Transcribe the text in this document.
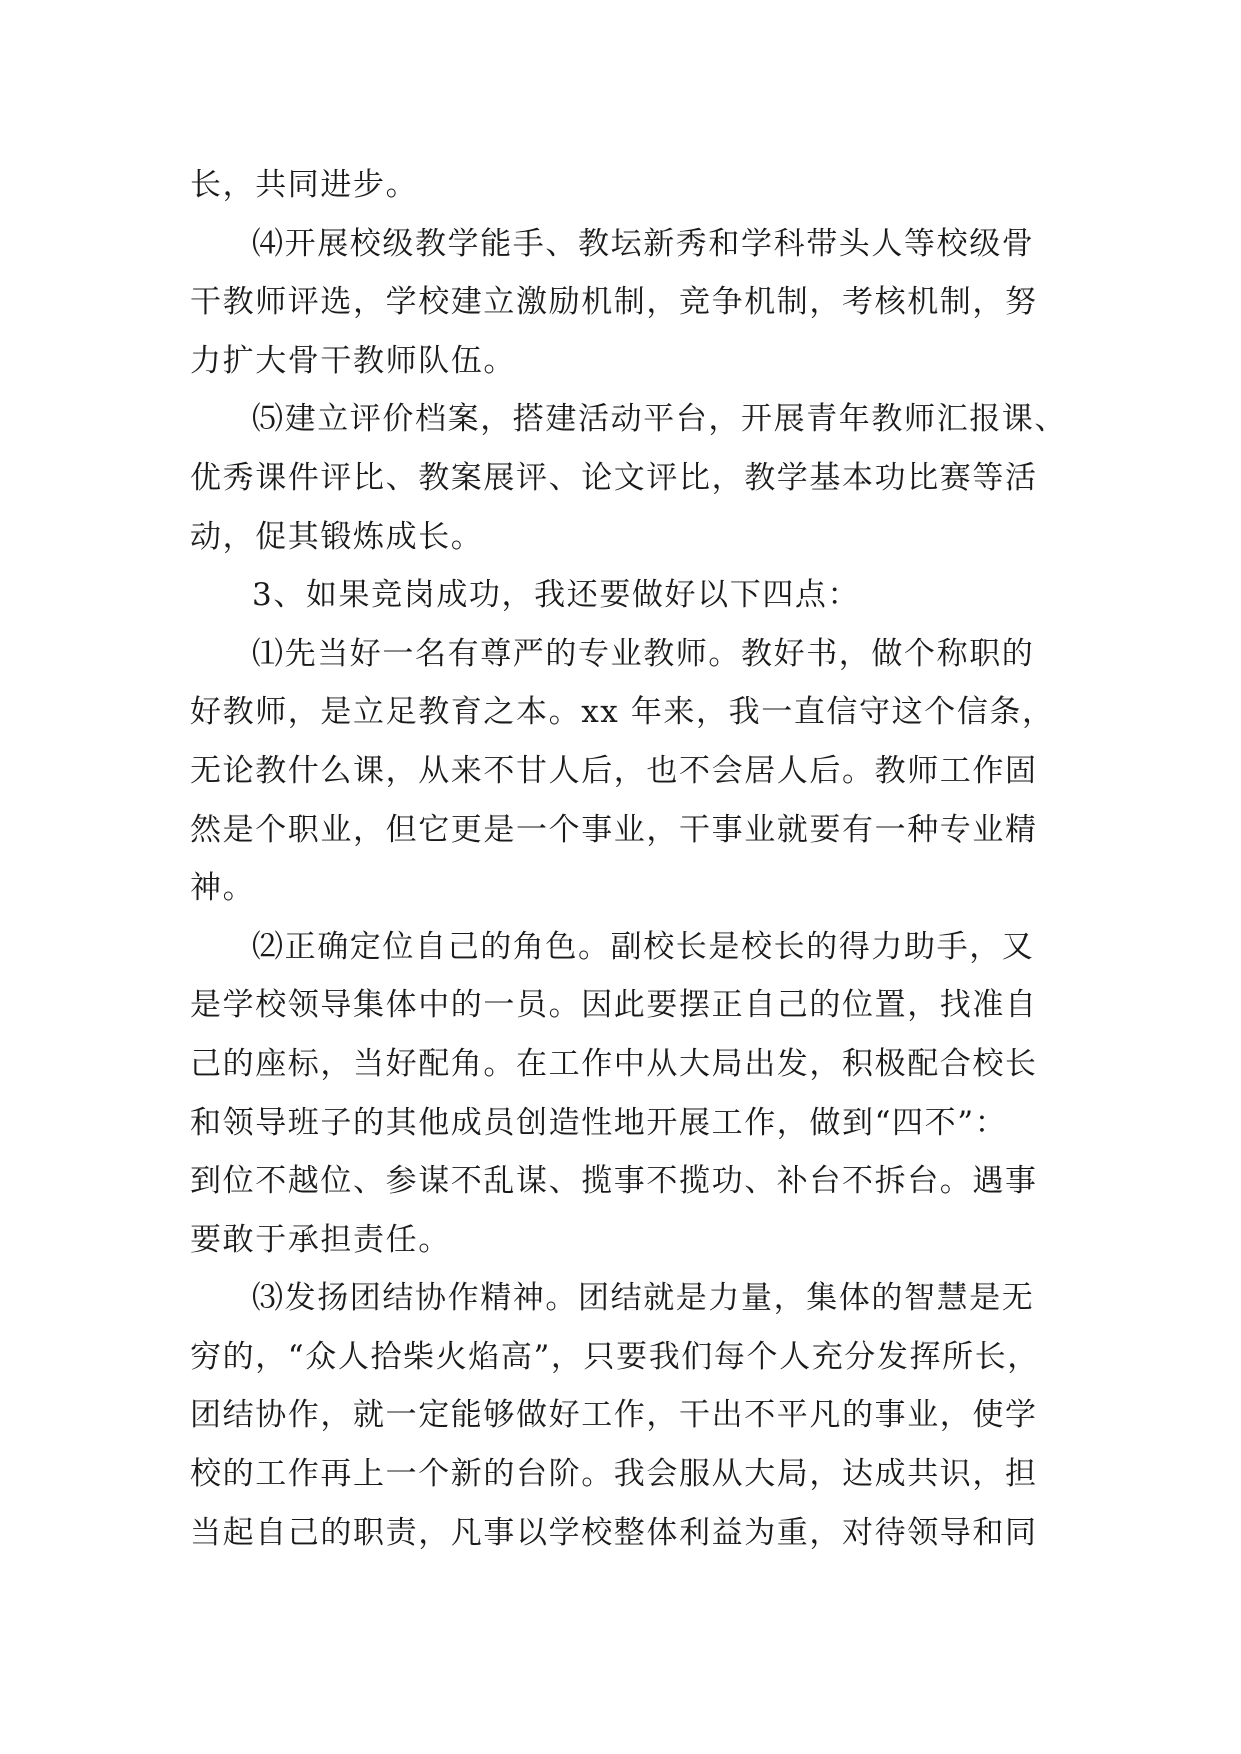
长，共同进步。
⑷开展校级教学能手、教坛新秀和学科带头人等校级骨
干教师评选，学校建立激励机制，竞争机制，考核机制，努
力扩大骨干教师队伍。
⑸建立评价档案，搭建活动平台，开展青年教师汇报课、
优秀课件评比、教案展评、论文评比，教学基本功比赛等活
动，促其锻炼成长。
3、如果竞岗成功，我还要做好以下四点：
⑴先当好一名有尊严的专业教师。教好书，做个称职的
好教师，是立足教育之本。xx 年来，我一直信守这个信条，
无论教什么课，从来不甘人后，也不会居人后。教师工作固
然是个职业，但它更是一个事业，干事业就要有一种专业精
神。
⑵正确定位自己的角色。副校长是校长的得力助手，又
是学校领导集体中的一员。因此要摆正自己的位置，找准自
己的座标，当好配角。在工作中从大局出发，积极配合校长
和领导班子的其他成员创造性地开展工作，做到“四不”：
到位不越位、参谋不乱谋、揽事不揽功、补台不拆台。遇事
要敢于承担责任。
⑶发扬团结协作精神。团结就是力量，集体的智慧是无
穷的，“众人拾柴火焰高”，只要我们每个人充分发挥所长，
团结协作，就一定能够做好工作，干出不平凡的事业，使学
校的工作再上一个新的台阶。我会服从大局，达成共识，担
当起自己的职责，凡事以学校整体利益为重，对待领导和同
